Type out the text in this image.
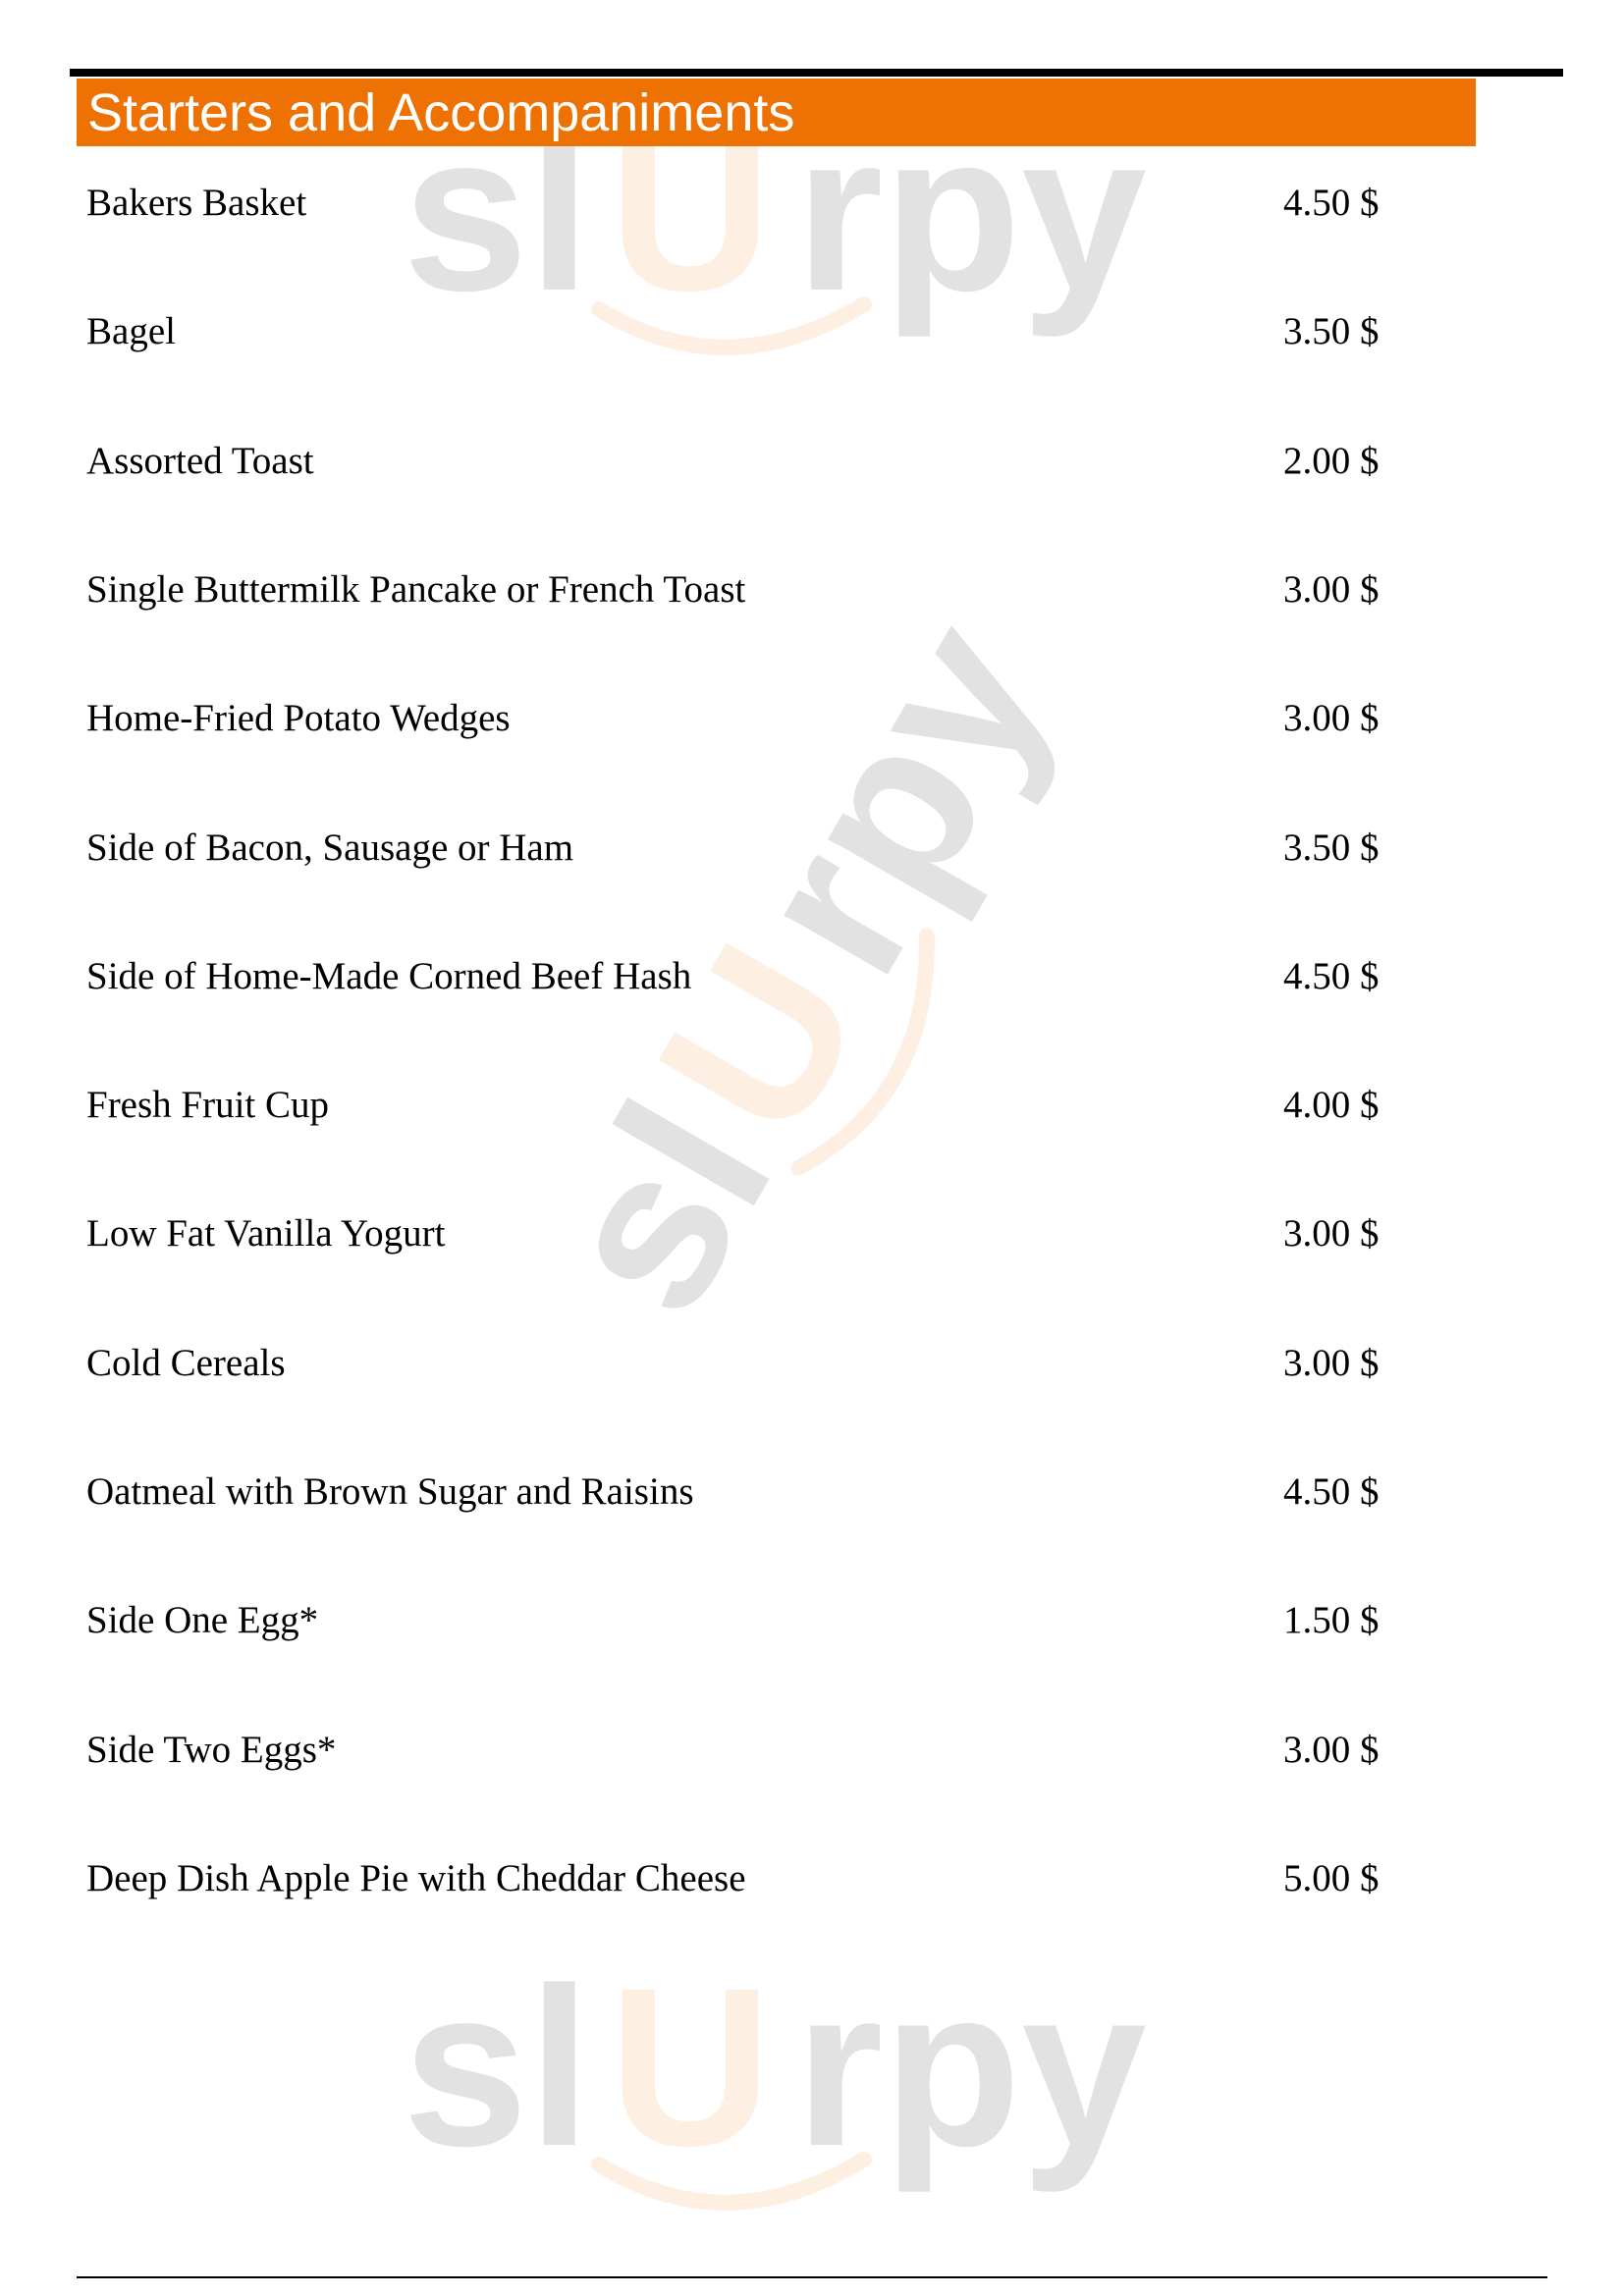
sl U rpy
sl
U
rpy
sl U rpy
Starters and Accompaniments
Bakers Basket	4.50 $
Bagel	3.50 $
Assorted Toast	2.00 $
Single Buttermilk Pancake or French Toast	3.00 $
Home-Fried Potato Wedges	3.00 $
Side of Bacon, Sausage or Ham	3.50 $
Side of Home-Made Corned Beef Hash	4.50 $
Fresh Fruit Cup	4.00 $
Low Fat Vanilla Yogurt	3.00 $
Cold Cereals	3.00 $
Oatmeal with Brown Sugar and Raisins	4.50 $
Side One Egg*	1.50 $
Side Two Eggs*	3.00 $
Deep Dish Apple Pie with Cheddar Cheese	5.00 $
